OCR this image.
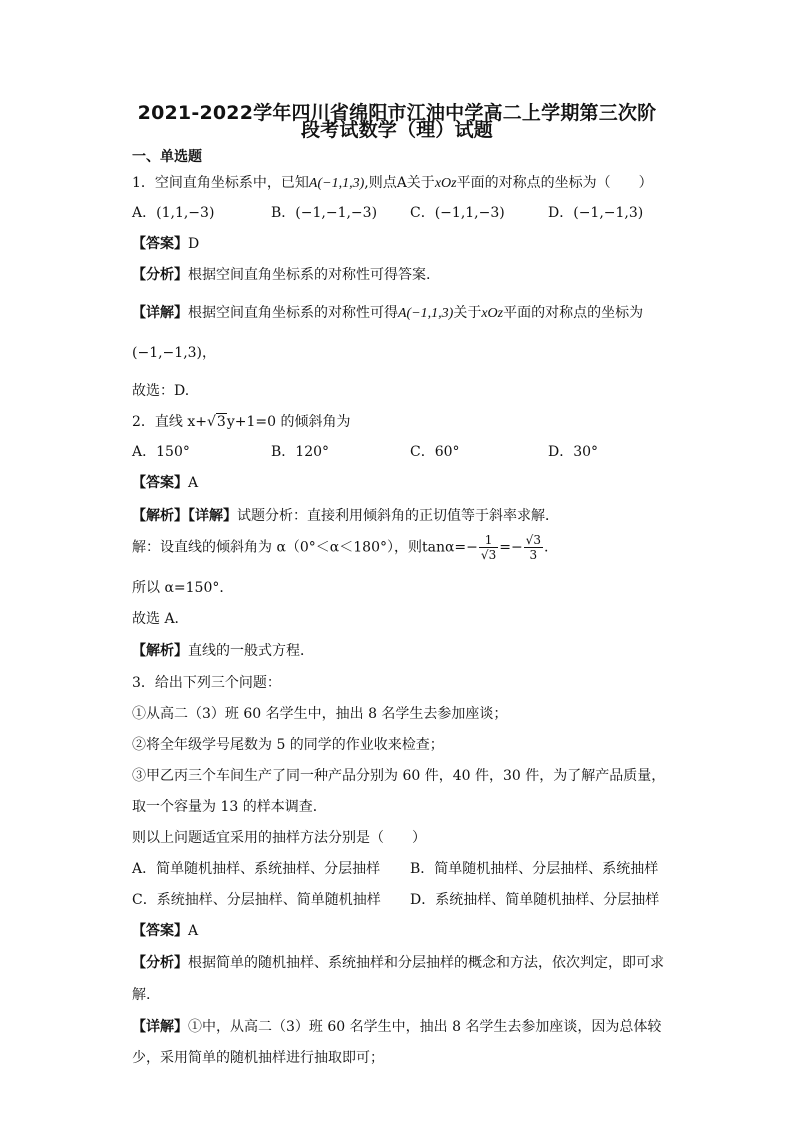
2021-2022学年四川省绵阳市江油中学高二上学期第三次阶
段考试数学（理）试题
一、单选题
1．空间直角坐标系中，已知A(−1,1,3),则点A关于xOz平面的对称点的坐标为（　　）
A．(1,1,−3)	B．(−1,−1,−3) C．(−1,1,−3)	D．(−1,−1,3)
【答案】D
【分析】根据空间直角坐标系的对称性可得答案.
【详解】根据空间直角坐标系的对称性可得A(−1,1,3)关于xOz平面的对称点的坐标为
(−1,−1,3)，
故选：D.
2．直线 x+√3y+1=0 的倾斜角为
A．150°	B．120°	C．60°	D．30°
【答案】A
【解析】【详解】试题分析：直接利用倾斜角的正切值等于斜率求解．
解：设直线的倾斜角为 α（0°＜α＜180°），则$\tan\alpha=- \frac{1}{√3} =- \frac{√3}{3}$ .
所以 α=150°．
故选 A．
【解析】直线的一般式方程．
3．给出下列三个问题：
①从高二（3）班 60 名学生中，抽出 8 名学生去参加座谈；
②将全年级学号尾数为 5 的同学的作业收来检查；
③甲乙丙三个车间生产了同一种产品分别为 60 件，40 件，30 件，为了解产品质量，
取一个容量为 13 的样本调查．
则以上问题适宜采用的抽样方法分别是（　　）
A．简单随机抽样、系统抽样、分层抽样 B．简单随机抽样、分层抽样、系统抽样
C．系统抽样、分层抽样、简单随机抽样 D．系统抽样、简单随机抽样、分层抽样
【答案】A
【分析】根据简单的随机抽样、系统抽样和分层抽样的概念和方法，依次判定，即可求
解.
【详解】①中，从高二（3）班 60 名学生中，抽出 8 名学生去参加座谈，因为总体较
少，采用简单的随机抽样进行抽取即可；
